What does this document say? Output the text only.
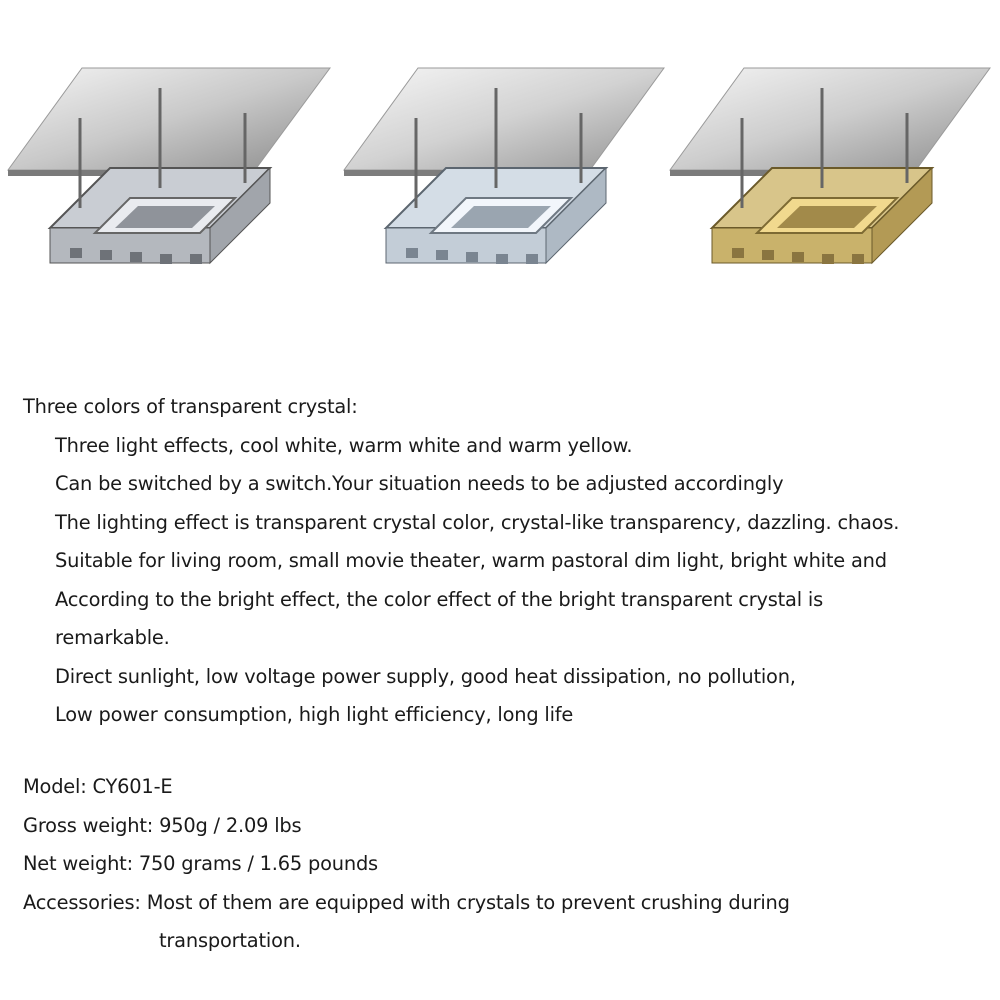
Three colors of transparent crystal:
Three light effects, cool white, warm white and warm yellow.
Can be switched by a switch.Your situation needs to be adjusted accordingly
The lighting effect is transparent crystal color, crystal-like transparency, dazzling. chaos.
Suitable for living room, small movie theater, warm pastoral dim light, bright white and
According to the bright effect, the color effect of the bright transparent crystal is
remarkable.
Direct sunlight, low voltage power supply, good heat dissipation, no pollution,
Low power consumption, high light efficiency, long life
Model: CY601-E
Gross weight: 950g / 2.09 lbs
Net weight: 750 grams / 1.65 pounds
Accessories: Most of them are equipped with crystals to prevent crushing during
transportation.
